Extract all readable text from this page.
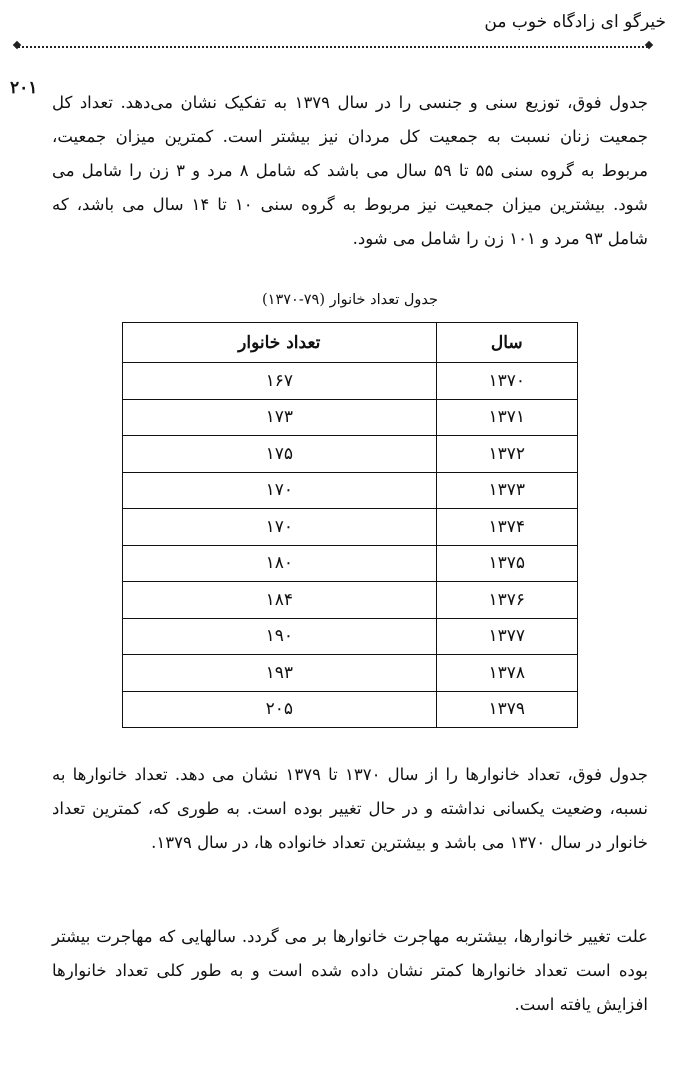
خیرگو ای زادگاه خوب من
۲۰۱

جدول فوق، توزیع سنی و جنسی را در سال ۱۳۷۹ به تفکیک نشان می‌دهد. تعداد کل جمعیت زنان نسبت به جمعیت کل مردان نیز بیشتر است. کمترین میزان جمعیت، مربوط به گروه سنی ۵۵ تا ۵۹ سال می باشد که شامل ۸ مرد و ۳ زن را شامل می شود. بیشترین میزان جمعیت نیز مربوط به گروه سنی ۱۰ تا ۱۴ سال می باشد، که شامل ۹۳ مرد و ۱۰۱ زن را شامل می شود.

جدول تعداد خانوار (۷۹-۱۳۷۰)
سال	تعداد خانوار
۱۳۷۰	۱۶۷
۱۳۷۱	۱۷۳
۱۳۷۲	۱۷۵
۱۳۷۳	۱۷۰
۱۳۷۴	۱۷۰
۱۳۷۵	۱۸۰
۱۳۷۶	۱۸۴
۱۳۷۷	۱۹۰
۱۳۷۸	۱۹۳
۱۳۷۹	۲۰۵

جدول فوق، تعداد خانوارها را از سال ۱۳۷۰ تا ۱۳۷۹ نشان می دهد. تعداد خانوارها به نسبه، وضعیت یکسانی نداشته و در حال تغییر بوده است. به طوری که، کمترین تعداد خانوار در سال ۱۳۷۰ می باشد و بیشترین تعداد خانواده ها، در سال ۱۳۷۹.

علت تغییر خانوارها، بیشتربه مهاجرت خانوارها بر می گردد. سالهایی که مهاجرت بیشتر بوده است تعداد خانوارها کمتر نشان داده شده است و به طور کلی تعداد خانوارها افزایش یافته است.
